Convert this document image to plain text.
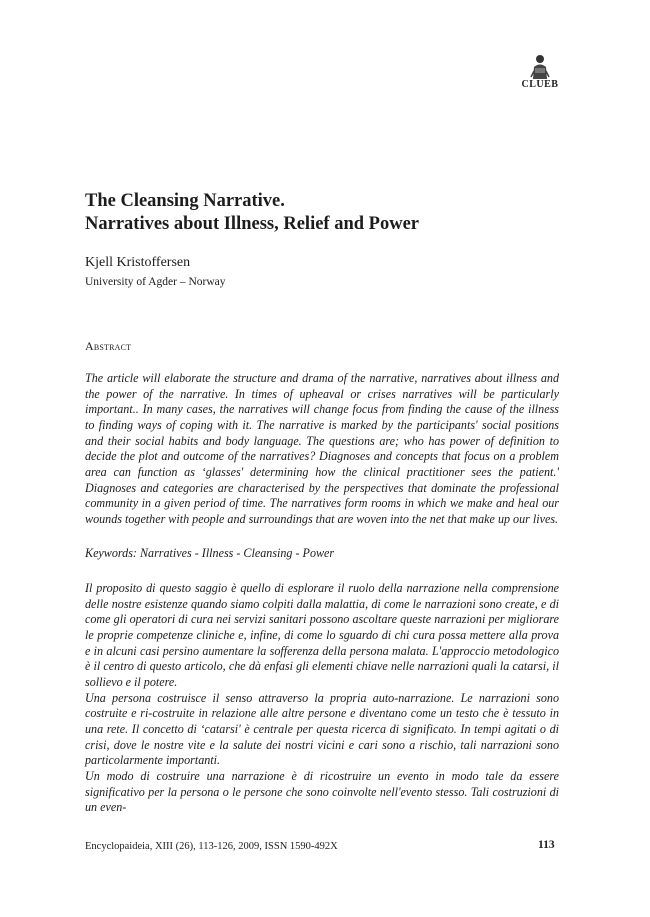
CLUEB
The Cleansing Narrative.
Narratives about Illness, Relief and Power
Kjell Kristoffersen
University of Agder – Norway
Abstract

The article will elaborate the structure and drama of the narrative, narratives about illness and the power of the narrative. In times of upheaval or crises narratives will be particularly important.. In many cases, the narratives will change focus from finding the cause of the illness to finding ways of coping with it. The narrative is marked by the participants' social positions and their social habits and body language. The questions are; who has power of definition to decide the plot and outcome of the narratives? Diagnoses and concepts that focus on a problem area can function as ‘glasses' determining how the clinical practitioner sees the patient.' Diagnoses and categories are characterised by the perspectives that dominate the professional community in a given period of time. The narratives form rooms in which we make and heal our wounds together with people and surroundings that are woven into the net that make up our lives.

Keywords: Narratives - Illness - Cleansing - Power

Il proposito di questo saggio è quello di esplorare il ruolo della narrazione nella comprensione delle nostre esistenze quando siamo colpiti dalla malattia, di come le narrazioni sono create, e di come gli operatori di cura nei servizi sanitari possono ascoltare queste narrazioni per migliorare le proprie competenze cliniche e, infine, di come lo sguardo di chi cura possa mettere alla prova e in alcuni casi persino aumentare la sofferenza della persona malata. L'approccio metodologico è il centro di questo articolo, che dà enfasi gli elementi chiave nelle narrazioni quali la catarsi, il sollievo e il potere.

Una persona costruisce il senso attraverso la propria auto-narrazione. Le narrazioni sono costruite e ri-costruite in relazione alle altre persone e diventano come un testo che è tessuto in una rete. Il concetto di ‘catarsi' è centrale per questa ricerca di significato. In tempi agitati o di crisi, dove le nostre vite e la salute dei nostri vicini e cari sono a rischio, tali narrazioni sono particolarmente importanti.

Un modo di costruire una narrazione è di ricostruire un evento in modo tale da essere significativo per la persona o le persone che sono coinvolte nell'evento stesso. Tali costruzioni di un even-

Encyclopaideia, XIII (26), 113-126, 2009, ISSN 1590-492X	113
